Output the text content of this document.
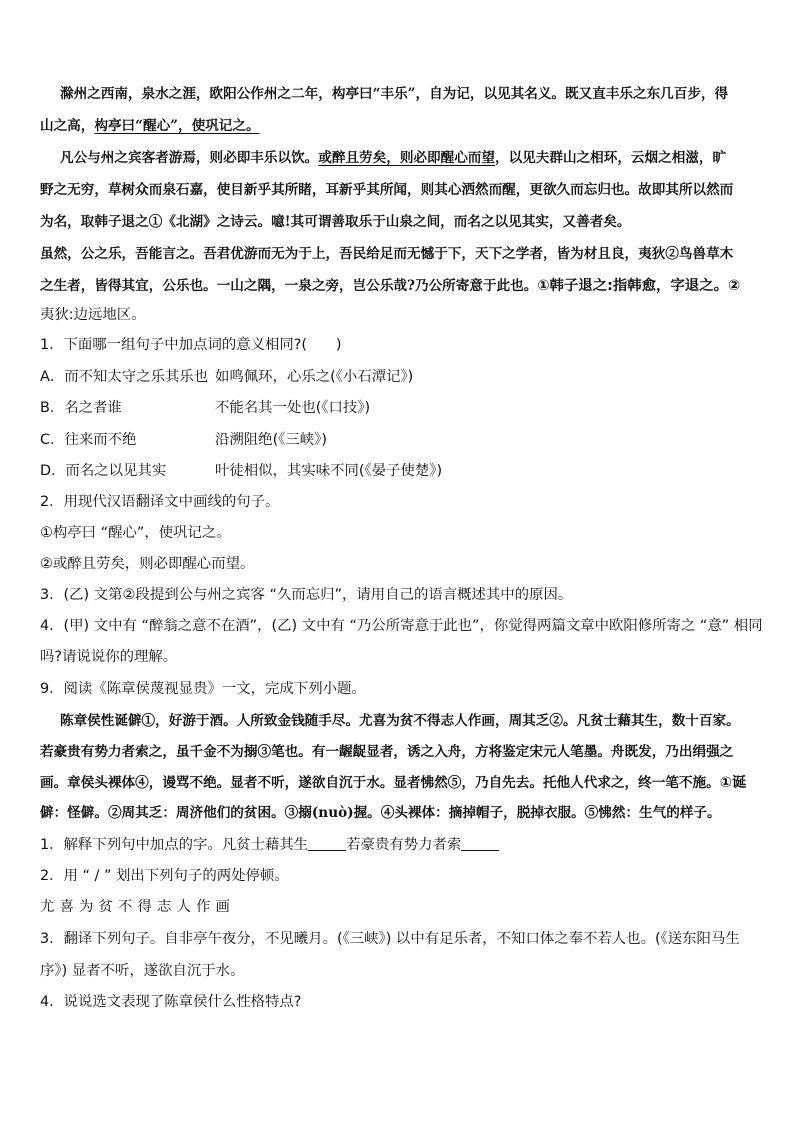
滁州之西南，泉水之涯，欧阳公作州之二年，构亭曰“丰乐”，自为记，以见其名义。既又直丰乐之东几百步，得
山之高，构亭曰“醒心”，使巩记之。
凡公与州之宾客者游焉，则必即丰乐以饮。或醉且劳矣，则必即醒心而望，以见夫群山之相环，云烟之相滋，旷
野之无穷，草树众而泉石嘉，使目新乎其所睹，耳新乎其所闻，则其心洒然而醒，更欲久而忘归也。故即其所以然而
为名，取韩子退之①《北湖》之诗云。噫!其可谓善取乐于山泉之间，而名之以见其实，又善者矣。
虽然，公之乐，吾能言之。吾君优游而无为于上，吾民给足而无憾于下，天下之学者，皆为材且良，夷狄②鸟兽草木
之生者，皆得其宜，公乐也。一山之隅，一泉之旁，岂公乐哉?乃公所寄意于此也。①韩子退之:指韩愈，字退之。②
夷狄:边远地区。
1．下面哪一组句子中加点词的意义相同?(　　)
A．而不知太守之乐其乐也 如鸣佩环，心乐之(《小石潭记》)
B．名之者谁	不能名其一处也(《口技》)
C．往来而不绝	沿溯阻绝(《三峡》)
D．而名之以见其实	叶徒相似，其实味不同(《晏子使楚》)
2．用现代汉语翻译文中画线的句子。
①构亭曰 “醒心”，使巩记之。
②或醉且劳矣，则必即醒心而望。
3．(乙) 文第②段提到公与州之宾客 “久而忘归”，请用自己的语言概述其中的原因。
4．(甲) 文中有 “醉翁之意不在酒”，(乙) 文中有 “乃公所寄意于此也”，你觉得两篇文章中欧阳修所寄之 “意” 相同
吗?请说说你的理解。
9．阅读《陈章侯蔑视显贵》一文，完成下列小题。
陈章侯性诞僻①，好游于酒。人所致金钱随手尽。尤喜为贫不得志人作画，周其乏②。凡贫士藉其生，数十百家。
若豪贵有势力者索之，虽千金不为搦③笔也。有一龌龊显者，诱之入舟，方将鉴定宋元人笔墨。舟既发，乃出绢强之
画。章侯头裸体④，谩骂不绝。显者不听，遂欲自沉于水。显者怫然⑤，乃自先去。托他人代求之，终一笔不施。①诞
僻：怪僻。②周其乏：周济他们的贫困。③搦(nuò)握。④头裸体：摘掉帽子，脱掉衣服。⑤怫然：生气的样子。
1．解释下列句中加点的字。凡贫士藉其生	若豪贵有势力者索
2．用 “ / ” 划出下列句子的两处停顿。
尤 喜 为 贫 不 得 志 人 作 画
3．翻译下列句子。自非亭午夜分，不见曦月。(《三峡》) 以中有足乐者，不知口体之奉不若人也。(《送东阳马生
序》) 显者不听，遂欲自沉于水。
4．说说选文表现了陈章侯什么性格特点?
